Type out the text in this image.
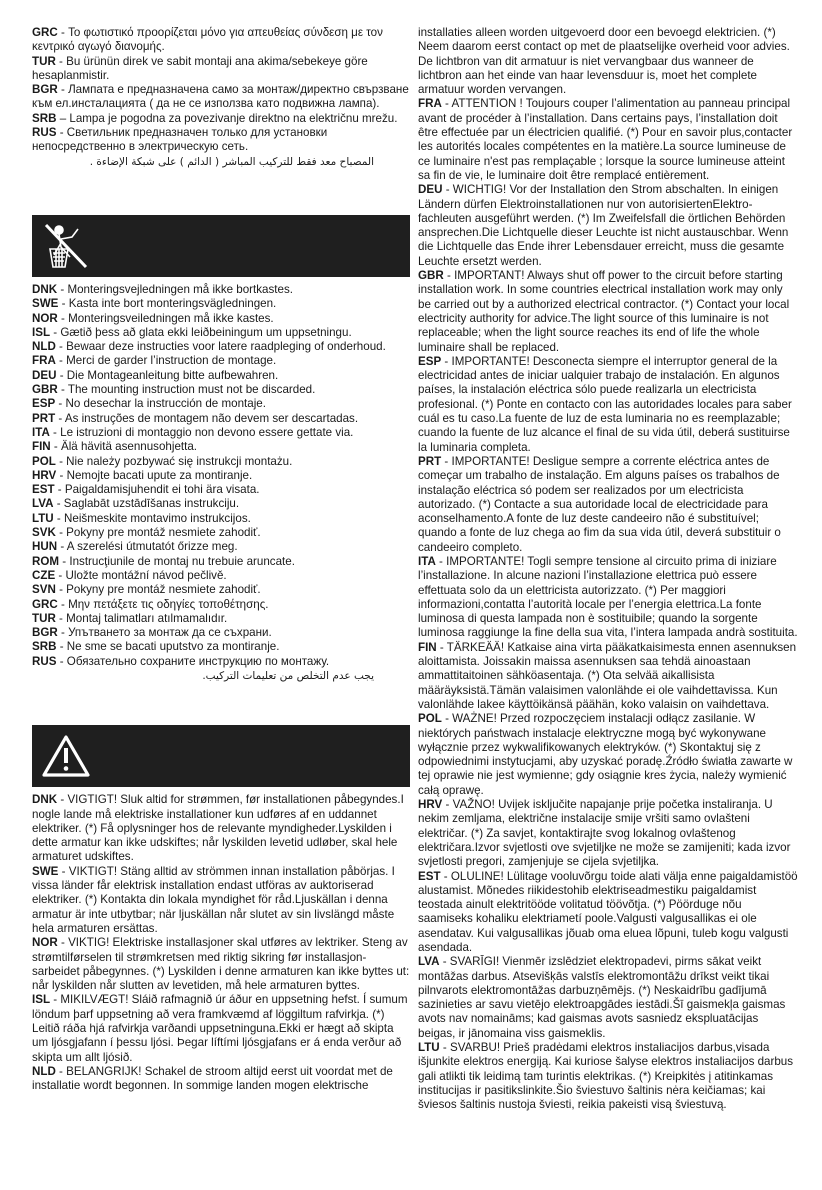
GRC - Το φωτιστικό προορίζεται μόνο για απευθείας σύνδεση με τον κεντρικό αγωγό διανομής.
TUR - Bu ürünün direk ve sabit montaji ana akima/sebekeye göre hesaplanmistir.
BGR - Лампата е предназначена само за монтаж/директно свързване към ел.инсталацията ( да не се използва като подвижна лампа).
SRB – Lampa je pogodna za povezivanje direktno na električnu mrežu.
RUS - Светильник предназначен только для установки непосредственно в электрическую сеть.
المصباح معد فقط للتركيب المباشر ( الدائم ) على شبكة الإضاءة .
DNK - Monteringsvejledningen må ikke bortkastes.
SWE - Kasta inte bort monteringsvägledningen.
NOR - Monteringsveiledningen må ikke kastes.
ISL - Gætið þess að glata ekki leiðbeiningum um uppsetningu.
NLD - Bewaar deze instructies voor latere raadpleging of onderhoud.
FRA - Merci de garder l’instruction de montage.
DEU - Die Montageanleitung bitte aufbewahren.
GBR - The mounting instruction must not be discarded.
ESP - No desechar la instrucción de montaje.
PRT - As instruções de montagem não devem ser descartadas.
ITA - Le istruzioni di montaggio non devono essere gettate via.
FIN - Älä hävitä asennusohjetta.
POL - Nie należy pozbywać się instrukcji montażu.
HRV - Nemojte bacati upute za montiranje.
EST - Paigaldamisjuhendit ei tohi ära visata.
LVA - Saglabāt uzstādīšanas instrukciju.
LTU - Neišmeskite montavimo instrukcijos.
SVK - Pokyny pre montáž nesmiete zahodiť.
HUN - A szerelési útmutatót őrizze meg.
ROM - Instrucţiunile de montaj nu trebuie aruncate.
CZE - Uložte montážní návod pečlivě.
SVN - Pokyny pre montáž nesmiete zahodiť.
GRC - Μην πετάξετε τις οδηγίες τοποθέτησης.
TUR - Montaj talimatları atılmamalıdır.
BGR - Упътването за монтаж да се съхрани.
SRB - Ne sme se bacati uputstvo za montiranje.
RUS - Обязательно сохраните инструкцию по монтажу.
يجب عدم التخلص من تعليمات التركيب.
DNK - VIGTIGT! Sluk altid for strømmen, før installationen påbegyndes.I nogle lande må elektriske installationer kun udføres af en uddannet elektriker. (*) Få oplysninger hos de relevante myndigheder.Lyskilden i dette armatur kan ikke udskiftes; når lyskilden levetid udløber, skal hele armaturet udskiftes.
SWE - VIKTIGT! Stäng alltid av strömmen innan installation påbörjas. I vissa länder får elektrisk installation endast utföras av auktoriserad elektriker. (*) Kontakta din lokala myndighet för råd.Ljuskällan i denna armatur är inte utbytbar; när ljuskällan når slutet av sin livslängd måste hela armaturen ersättas.
NOR - VIKTIG! Elektriske installasjoner skal utføres av lektriker. Steng av strømtilførselen til strømkretsen med riktig sikring før installasjon-sarbeidet påbegynnes. (*) Lyskilden i denne armaturen kan ikke byttes ut: når lyskilden når slutten av levetiden, må hele armaturen byttes.
ISL - MIKILVÆGT! Sláið rafmagnið úr áður en uppsetning hefst. Í sumum löndum þarf uppsetning að vera framkvæmd af löggiltum rafvirkja. (*) Leitið ráða hjá rafvirkja varðandi uppsetninguna.Ekki er hægt að skipta um ljósgjafann í þessu ljósi. Þegar líftími ljósgjafans er á enda verður að skipta um allt ljósið.
NLD - BELANGRIJK! Schakel de stroom altijd eerst uit voordat met de installatie wordt begonnen. In sommige landen mogen elektrische
installaties alleen worden uitgevoerd door een bevoegd elektricien. (*) Neem daarom eerst contact op met de plaatselijke overheid voor advies. De lichtbron van dit armatuur is niet vervangbaar dus wanneer de lichtbron aan het einde van haar levensduur is, moet het complete armatuur worden vervangen.
FRA - ATTENTION ! Toujours couper l’alimentation au panneau principal avant de procéder à l’installation. Dans certains pays, l’installation doit être effectuée par un électricien qualifié. (*) Pour en savoir plus,contacter les autorités locales compétentes en la matière.La source lumineuse de ce luminaire n'est pas remplaçable ; lorsque la source lumineuse atteint sa fin de vie, le luminaire doit être remplacé entièrement.
DEU - WICHTIG! Vor der Installation den Strom abschalten. In einigen Ländern dürfen Elektroinstallationen nur von autorisiertenElektro-fachleuten ausgeführt werden. (*) Im Zweifelsfall die örtlichen Behörden ansprechen.Die Lichtquelle dieser Leuchte ist nicht austauschbar. Wenn die Lichtquelle das Ende ihrer Lebensdauer erreicht, muss die gesamte Leuchte ersetzt werden.
GBR - IMPORTANT! Always shut off power to the circuit before starting installation work. In some countries electrical installation work may only be carried out by a authorized electrical contractor. (*) Contact your local electricity authority for advice.The light source of this luminaire is not replaceable; when the light source reaches its end of life the whole luminaire shall be replaced.
ESP - IMPORTANTE! Desconecta siempre el interruptor general de la electricidad antes de iniciar ualquier trabajo de instalación. En algunos países, la instalación eléctrica sólo puede realizarla un electricista profesional. (*) Ponte en contacto con las autoridades locales para saber cuál es tu caso.La fuente de luz de esta luminaria no es reemplazable; cuando la fuente de luz alcance el final de su vida útil, deberá sustituirse la luminaria completa.
PRT - IMPORTANTE! Desligue sempre a corrente eléctrica antes de começar um trabalho de instalação. Em alguns países os trabalhos de instalação eléctrica só podem ser realizados por um electricista autorizado. (*) Contacte a sua autoridade local de electricidade para aconselhamento.A fonte de luz deste candeeiro não é substituível; quando a fonte de luz chega ao fim da sua vida útil, deverá substituir o candeeiro completo.
ITA - IMPORTANTE! Togli sempre tensione al circuito prima di iniziare l’installazione. In alcune nazioni l’installazione elettrica può essere effettuata solo da un elettricista autorizzato. (*) Per maggiori informazioni,contatta l’autorità locale per l’energia elettrica.La fonte luminosa di questa lampada non è sostituibile; quando la sorgente luminosa raggiunge la fine della sua vita, l’intera lampada andrà sostituita.
FIN - TÄRKEÄÄ! Katkaise aina virta pääkatkaisimesta ennen asennuksen aloittamista. Joissakin maissa asennuksen saa tehdä ainoastaan ammattitaitoinen sähköasentaja. (*) Ota selvää aikallisista määräyksistä.Tämän valaisimen valonlähde ei ole vaihdettavissa. Kun valonlähde lakee käyttöikänsä päähän, koko valaisin on vaihdettava.
POL - WAŻNE! Przed rozpoczęciem instalacji odłącz zasilanie. W niektórych państwach instalacje elektryczne mogą być wykonywane wyłącznie przez wykwalifikowanych elektryków. (*) Skontaktuj się z odpowiednimi instytucjami, aby uzyskać poradę.Źródło światła zawarte w tej oprawie nie jest wymienne; gdy osiągnie kres życia, należy wymienić całą oprawę.
HRV - VAŽNO! Uvijek isključite napajanje prije početka instaliranja. U nekim zemljama, električne instalacije smije vršiti samo ovlašteni električar. (*) Za savjet, kontaktirajte svog lokalnog ovlaštenog električara.Izvor svjetlosti ove svjetiljke ne može se zamijeniti; kada izvor svjetlosti pregori, zamjenjuje se cijela svjetiljka.
EST - OLULINE! Lülitage vooluvõrgu toide alati välja enne paigaldamistöö alustamist. Mõnedes riikidestohib elektriseadmestiku paigaldamist teostada ainult elektritööde volitatud töövõtja. (*) Pöörduge nõu saamiseks kohaliku elektriametí poole.Valgusti valgusallikas ei ole asendatav. Kui valgusallikas jõuab oma eluea lõpuni, tuleb kogu valgusti asendada.
LVA - SVARĪGI! Vienmēr izslēdziet elektropadevi, pirms sākat veikt montāžas darbus. Atsevišķās valstīs elektromontāžu drīkst veikt tikai pilnvarots elektromontāžas darbuzņēmējs. (*) Neskaidrību gadījumā sazinieties ar savu vietējo elektroapgādes iestādi.Šī gaismekļa gaismas avots nav nomaināms; kad gaismas avots sasniedz ekspluatācijas beigas, ir jānomaina viss gaismeklis.
LTU - SVARBU! Prieš pradėdami elektros instaliacijos darbus,visada išjunkite elektros energiją. Kai kuriose šalyse elektros instaliacijos darbus gali atlikti tik leidimą tam turintis elektrikas. (*) Kreipkitės į atitinkamas institucijas ir pasitikslinkite.Šio šviestuvo šaltinis nėra keičiamas; kai šviesos šaltinis nustoja šviesti, reikia pakeisti visą šviestuvą.
